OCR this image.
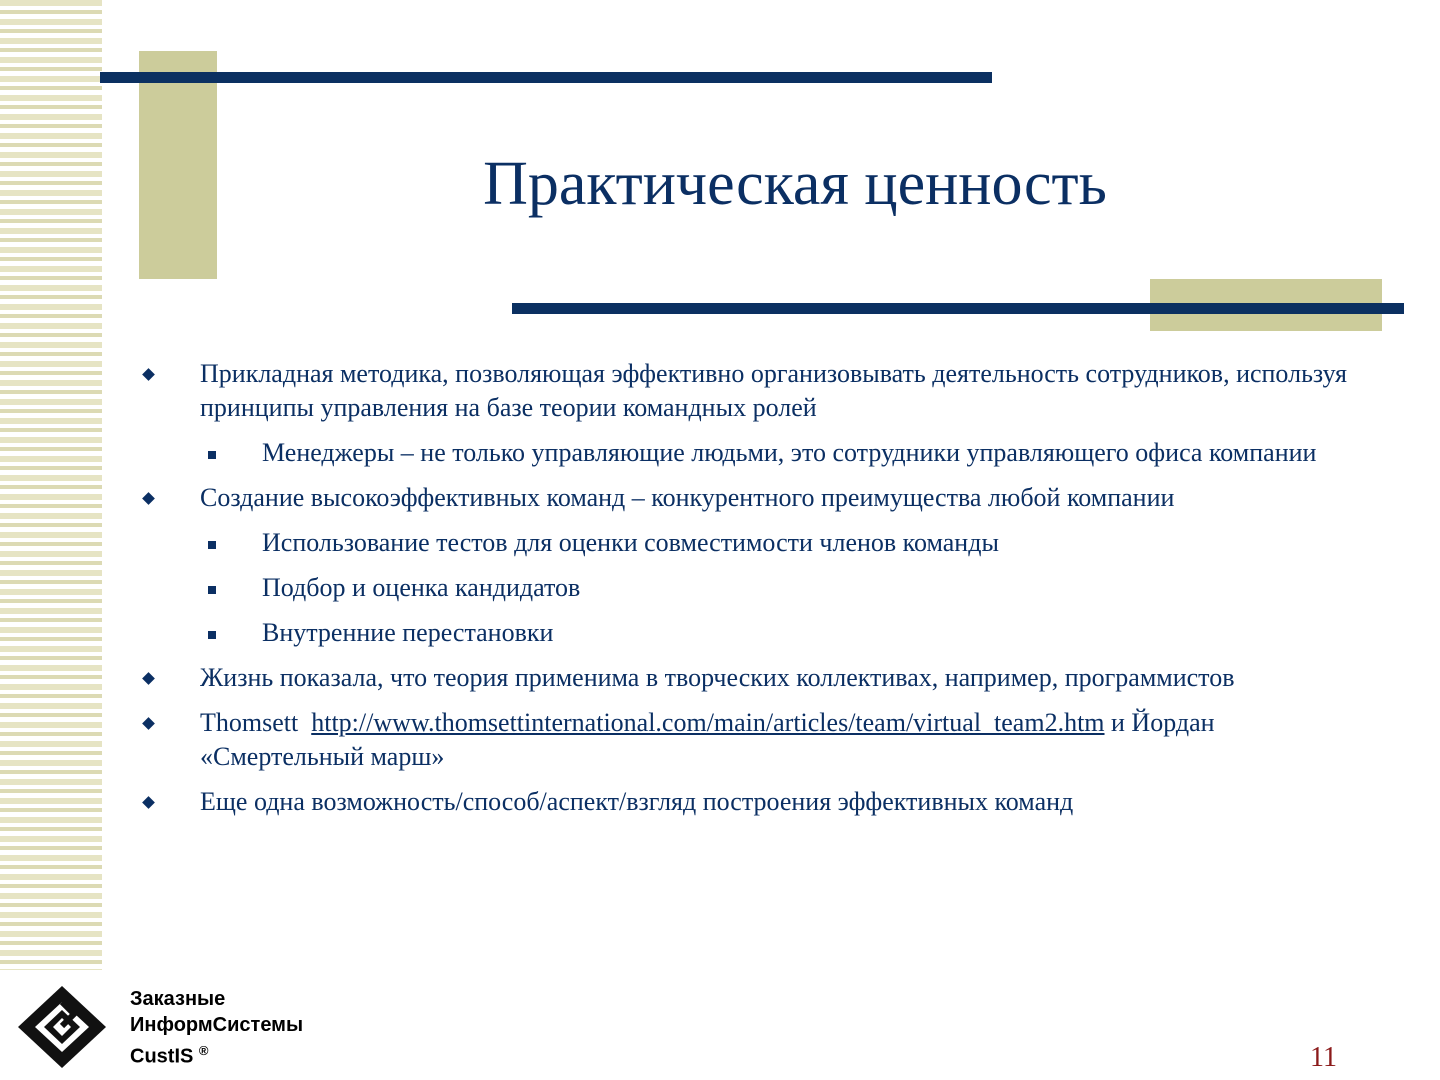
Практическая ценность
Прикладная методика, позволяющая эффективно организовывать деятельность сотрудников, используя принципы управления на базе теории командных ролей
Менеджеры – не только управляющие людьми, это сотрудники управляющего офиса компании
Создание высокоэффективных команд – конкурентного преимущества любой компании
Использование тестов для оценки совместимости членов команды
Подбор и оценка кандидатов
Внутренние перестановки
Жизнь показала, что теория применима в творческих коллективах, например, программистов
Thomsett http://www.thomsettinternational.com/main/articles/team/virtual_team2.htm и Йордан «Смертельный марш»
Еще одна возможность/способ/аспект/взгляд построения эффективных команд
Заказные
ИнформСистемы
CustIS ®	11
